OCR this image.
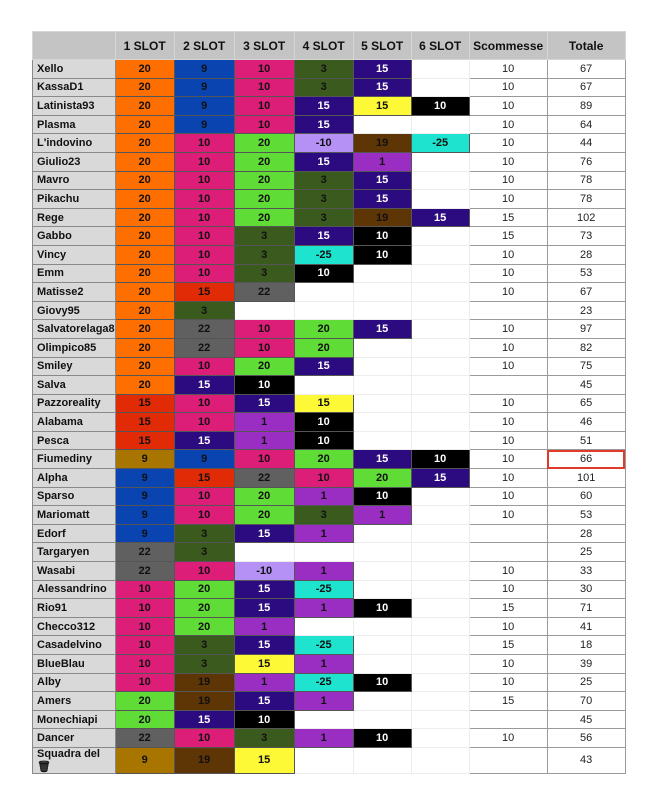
	1 SLOT	2 SLOT	3 SLOT	4 SLOT	5 SLOT	6 SLOT	Scommesse	Totale
Xello	20	9	10	3	15		10	67
KassaD1	20	9	10	3	15		10	67
Latinista93	20	9	10	15	15	10	10	89
Plasma	20	9	10	15			10	64
L'indovino	20	10	20	-10	19	-25	10	44
Giulio23	20	10	20	15	1		10	76
Mavro	20	10	20	3	15		10	78
Pikachu	20	10	20	3	15		10	78
Rege	20	10	20	3	19	15	15	102
Gabbo	20	10	3	15	10		15	73
Vincy	20	10	3	-25	10		10	28
Emm	20	10	3	10			10	53
Matisse2	20	15	22				10	67
Giovy95	20	3						23
Salvatorelaga8	20	22	10	20	15		10	97
Olimpico85	20	22	10	20			10	82
Smiley	20	10	20	15			10	75
Salva	20	15	10					45
Pazzoreality	15	10	15	15			10	65
Alabama	15	10	1	10			10	46
Pesca	15	15	1	10			10	51
Fiumediny	9	9	10	20	15	10	10	66
Alpha	9	15	22	10	20	15	10	101
Sparso	9	10	20	1	10		10	60
Mariomatt	9	10	20	3	1		10	53
Edorf	9	3	15	1				28
Targaryen	22	3						25
Wasabi	22	10	-10	1			10	33
Alessandrino	10	20	15	-25			10	30
Rio91	10	20	15	1	10		15	71
Checco312	10	20	1				10	41
Casadelvino	10	3	15	-25			15	18
BlueBlau	10	3	15	1			10	39
Alby	10	19	1	-25	10		10	25
Amers	20	19	15	1			15	70
Monechiapi	20	15	10					45
Dancer	22	10	3	1	10		10	56
Squadra del 🗑	9	19	15					43
